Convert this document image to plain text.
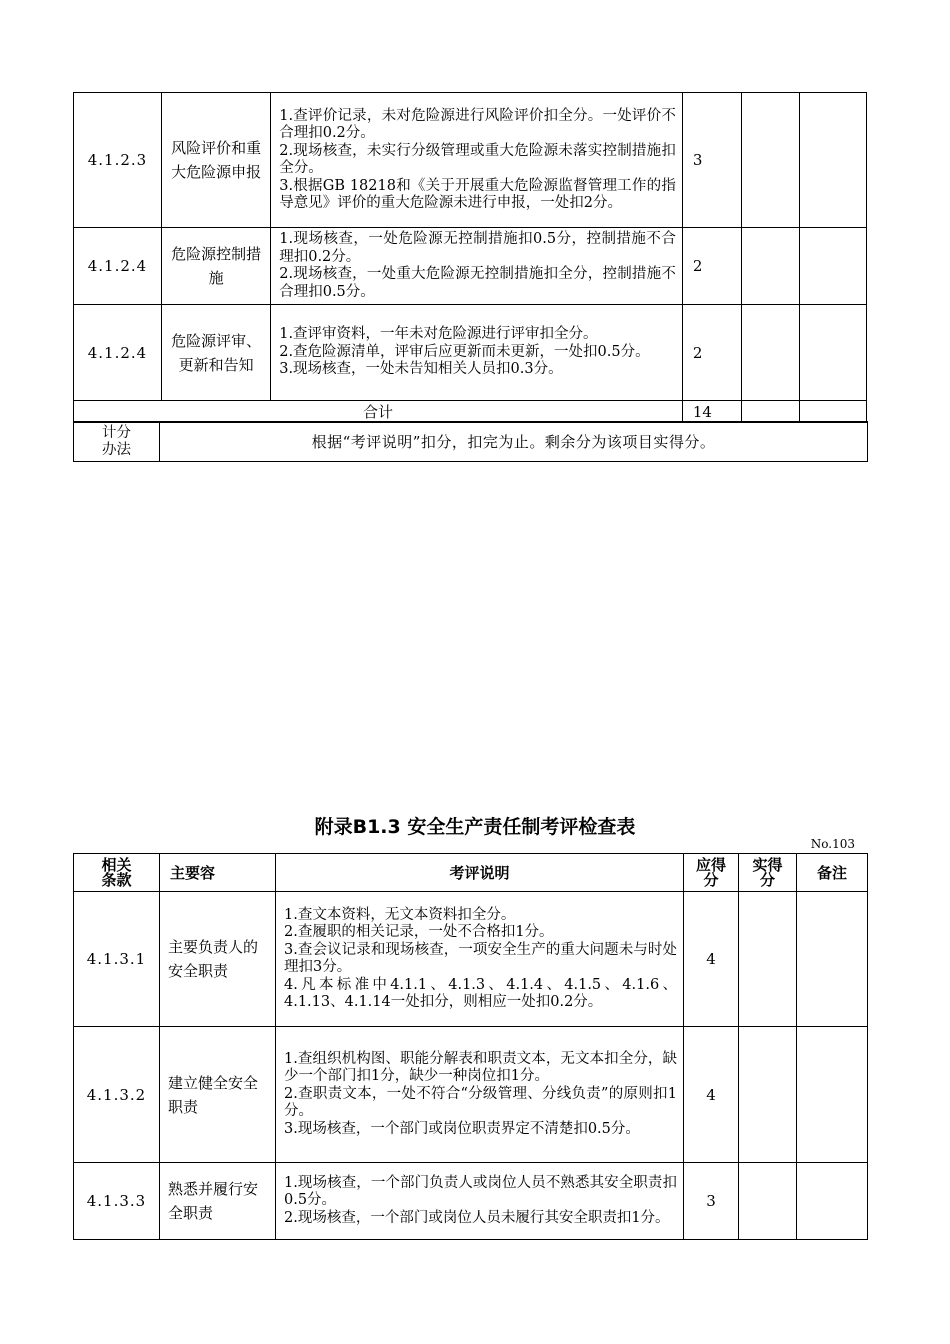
4.1.2.3	风险评价和重大危险源申报	1.查评价记录，未对危险源进行风险评价扣全分。一处评价不合理扣0.2分。
2.现场核查，未实行分级管理或重大危险源未落实控制措施扣全分。
3.根据GB 18218和《关于开展重大危险源监督管理工作的指导意见》评价的重大危险源未进行申报，一处扣2分。	3		
4.1.2.4	危险源控制措施	1.现场核查，一处危险源无控制措施扣0.5分，控制措施不合理扣0.2分。
2.现场核查，一处重大危险源无控制措施扣全分，控制措施不合理扣0.5分。	2		
4.1.2.4	危险源评审、更新和告知	1.查评审资料，一年未对危险源进行评审扣全分。
2.查危险源清单，评审后应更新而未更新，一处扣0.5分。
3.现场核查，一处未告知相关人员扣0.3分。	2		
合计			14		
计分办法	根据“考评说明”扣分，扣完为止。剩余分为该项目实得分。
附录B1.3 安全生产责任制考评检查表
No.103
相关条款	主要容	考评说明	应得分	实得分	备注
4.1.3.1	主要负责人的安全职责	1.查文本资料，无文本资料扣全分。
2.查履职的相关记录，一处不合格扣1分。
3.查会议记录和现场核查，一项安全生产的重大问题未与时处理扣3分。
4.凡本标准中4.1.1、4.1.3、4.1.4、4.1.5、4.1.6、4.1.13、4.1.14一处扣分，则相应一处扣0.2分。	4		
4.1.3.2	建立健全安全职责	1.查组织机构图、职能分解表和职责文本，无文本扣全分，缺少一个部门扣1分，缺少一种岗位扣1分。
2.查职责文本，一处不符合“分级管理、分线负责”的原则扣1分。
3.现场核查，一个部门或岗位职责界定不清楚扣0.5分。	4		
4.1.3.3	熟悉并履行安全职责	1.现场核查，一个部门负责人或岗位人员不熟悉其安全职责扣0.5分。
2.现场核查，一个部门或岗位人员未履行其安全职责扣1分。	3		
